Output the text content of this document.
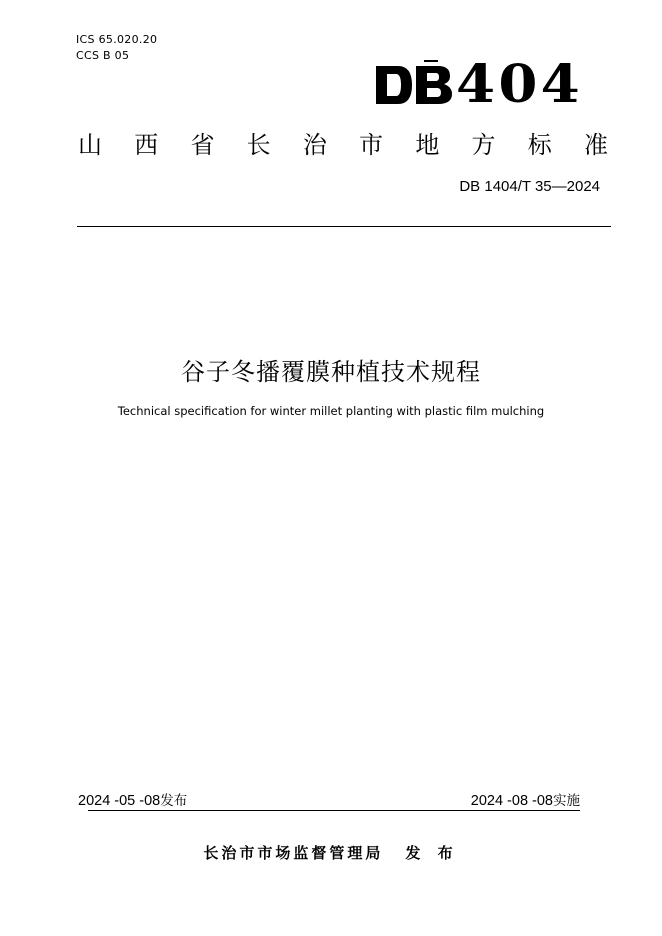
ICS 65.020.20
CCS B 05	404
山 西 省 长 治 市 地 方 标 准
DB 1404/T 35—2024
谷子冬播覆膜种植技术规程
Technical specification for winter millet planting with plastic film mulching
2024 -05 -08发布	2024 -08 -08实施
长治市市场监督管理局 发 布
